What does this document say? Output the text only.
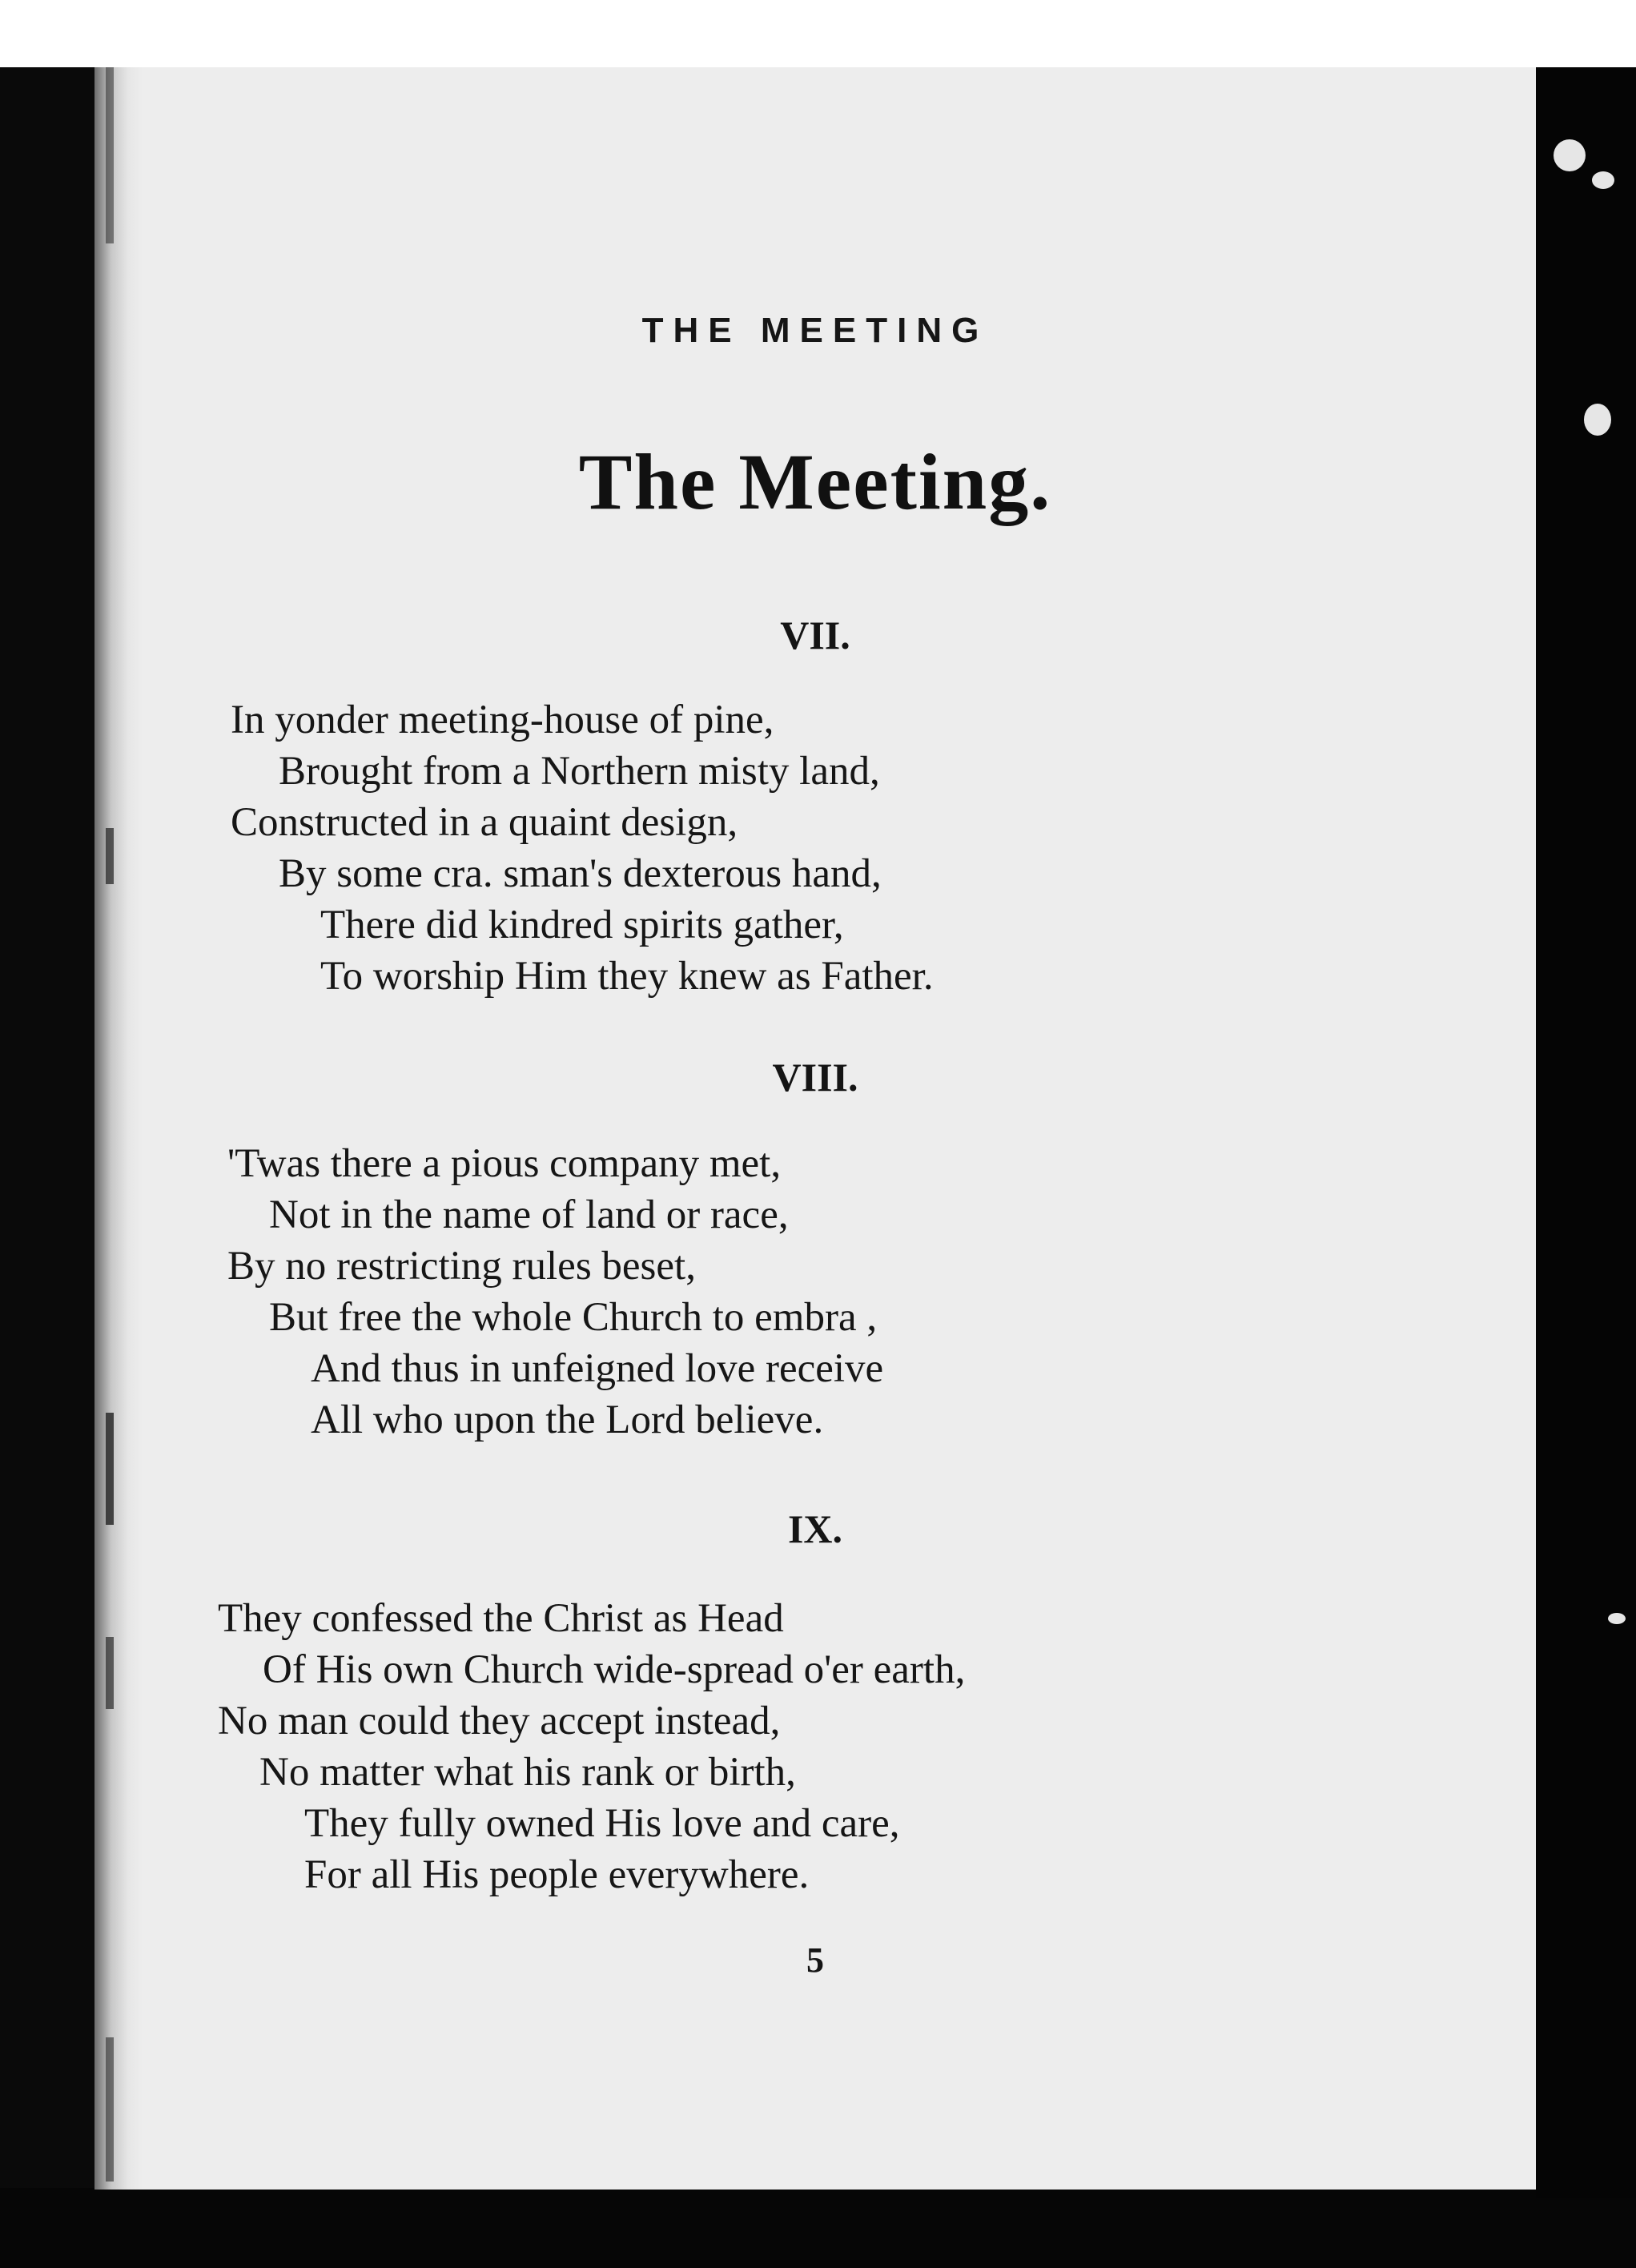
THE MEETING
The Meeting.
VII.
In yonder meeting-house of pine,
Brought from a Northern misty land,
Constructed in a quaint design,
By some cra. sman's dexterous hand,
There did kindred spirits gather,
To worship Him they knew as Father.
VIII.
'Twas there a pious company met,
Not in the name of land or race,
By no restricting rules beset,
But free the whole Church to embra ,
And thus in unfeigned love receive
All who upon the Lord believe.
IX.
They confessed the Christ as Head
Of His own Church wide-spread o'er earth,
No man could they accept instead,
No matter what his rank or birth,
They fully owned His love and care,
For all His people everywhere.
5
